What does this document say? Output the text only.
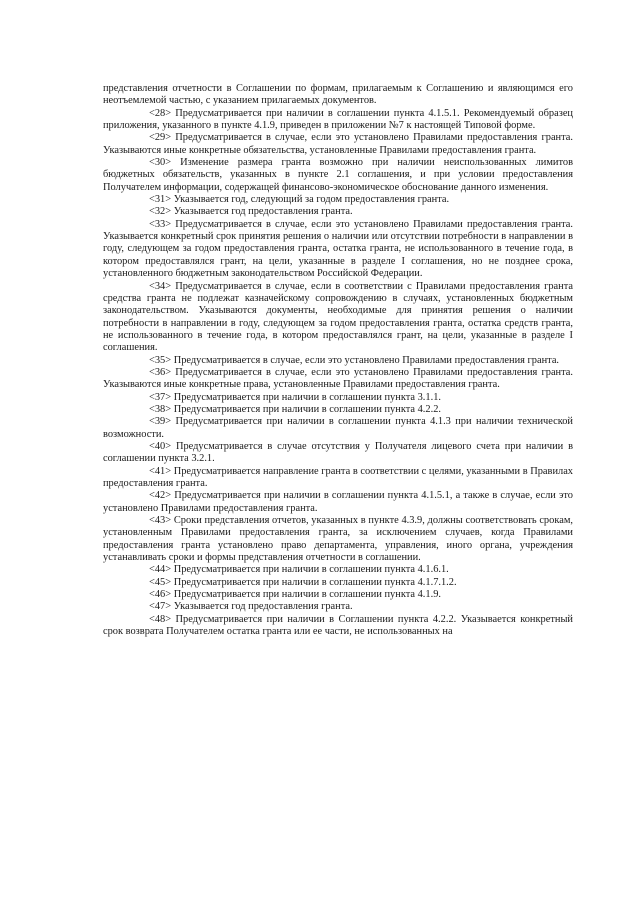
представления отчетности в Соглашении по формам, прилагаемым к Соглашению и являющимся его неотъемлемой частью, с указанием прилагаемых документов.

<28> Предусматривается при наличии в соглашении пункта 4.1.5.1. Рекомендуемый образец приложения, указанного в пункте 4.1.9, приведен в приложении №7 к настоящей Типовой форме.

<29> Предусматривается в случае, если это установлено Правилами предоставления гранта. Указываются иные конкретные обязательства, установленные Правилами предоставления гранта.

<30> Изменение размера гранта возможно при наличии неиспользованных лимитов бюджетных обязательств, указанных в пункте 2.1 соглашения, и при условии предоставления Получателем информации, содержащей финансово-экономическое обоснование данного изменения.

<31> Указывается год, следующий за годом предоставления гранта.

<32> Указывается год предоставления гранта.

<33> Предусматривается в случае, если это установлено Правилами предоставления гранта. Указывается конкретный срок принятия решения о наличии или отсутствии потребности в направлении в году, следующем за годом предоставления гранта, остатка гранта, не использованного в течение года, в котором предоставлялся грант, на цели, указанные в разделе I соглашения, но не позднее срока, установленного бюджетным законодательством Российской Федерации.

<34> Предусматривается в случае, если в соответствии с Правилами предоставления гранта средства гранта не подлежат казначейскому сопровождению в случаях, установленных бюджетным законодательством. Указываются документы, необходимые для принятия решения о наличии потребности в направлении в году, следующем за годом предоставления гранта, остатка средств гранта, не использованного в течение года, в котором предоставлялся грант, на цели, указанные в разделе I соглашения.

<35> Предусматривается в случае, если это установлено Правилами предоставления гранта.

<36> Предусматривается в случае, если это установлено Правилами предоставления гранта. Указываются иные конкретные права, установленные Правилами предоставления гранта.

<37> Предусматривается при наличии в соглашении пункта 3.1.1.

<38> Предусматривается при наличии в соглашении пункта 4.2.2.

<39> Предусматривается при наличии в соглашении пункта 4.1.3 при наличии технической возможности.

<40> Предусматривается в случае отсутствия у Получателя лицевого счета при наличии в соглашении пункта 3.2.1.

<41> Предусматривается направление гранта в соответствии с целями, указанными в Правилах предоставления гранта.

<42> Предусматривается при наличии в соглашении пункта 4.1.5.1, а также в случае, если это установлено Правилами предоставления гранта.

<43> Сроки представления отчетов, указанных в пункте 4.3.9, должны соответствовать срокам, установленным Правилами предоставления гранта, за исключением случаев, когда Правилами предоставления гранта установлено право департамента, управления, иного органа, учреждения устанавливать сроки и формы представления отчетности в соглашении.

<44> Предусматривается при наличии в соглашении пункта 4.1.6.1.

<45> Предусматривается при наличии в соглашении пункта 4.1.7.1.2.

<46> Предусматривается при наличии в соглашении пункта 4.1.9.

<47> Указывается год предоставления гранта.

<48> Предусматривается при наличии в Соглашении пункта 4.2.2. Указывается конкретный срок возврата Получателем остатка гранта или ее части, не использованных на
